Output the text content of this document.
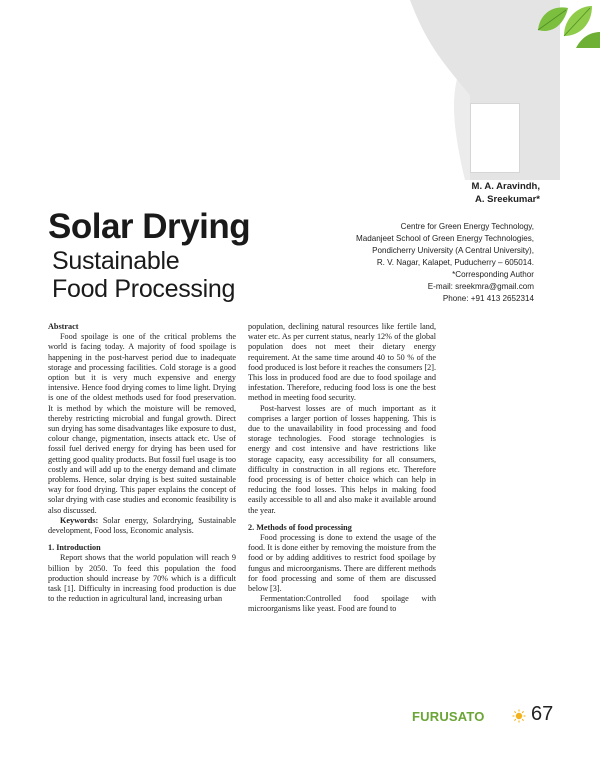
M. A. Aravindh,
A. Sreekumar*
Solar Drying
Sustainable
Food Processing
Centre for Green Energy Technology,
Madanjeet School of Green Energy Technologies,
Pondicherry University (A Central University),
R. V. Nagar, Kalapet, Puducherry – 605014.
*Corresponding Author
E-mail: sreekmra@gmail.com
Phone: +91 413 2652314

Abstract

Food spoilage is one of the critical problems the world is facing today. A majority of food spoilage is happening in the post-harvest period due to inadequate storage and processing facilities. Cold storage is a good option but it is very much expensive and energy intensive. Hence food drying comes to lime light. Drying is one of the oldest methods used for food preservation. It is method by which the moisture will be removed, thereby restricting microbial and fungal growth. Direct sun drying has some disadvantages like exposure to dust, colour change, pigmentation, insects attack etc. Use of fossil fuel derived energy for drying has been used for getting good quality products. But fossil fuel usage is too costly and will add up to the energy demand and climate problems. Hence, solar drying is best suited sustainable way for food drying. This paper explains the concept of solar drying with case studies and economic feasibility is also discussed.

Keywords: Solar energy, Solardrying, Sustainable development, Food loss, Economic analysis.

1. Introduction

Report shows that the world population will reach 9 billion by 2050. To feed this population the food production should increase by 70% which is a difficult task [1]. Difficulty in increasing food production is due to the reduction in agricultural land, increasing urban

population, declining natural resources like fertile land, water etc. As per current status, nearly 12% of the global population does not meet their dietary energy requirement. At the same time around 40 to 50 % of the food produced is lost before it reaches the consumers [2]. This loss in produced food are due to food spoilage and infestation. Therefore, reducing food loss is one the best method in meeting food security.

Post-harvest losses are of much important as it comprises a larger portion of losses happening. This is due to the unavailability in food processing and food storage technologies. Food storage technologies is energy and cost intensive and have restrictions like storage capacity, easy accessibility for all consumers, difficulty in construction in all regions etc. Therefore food processing is of better choice which can help in reducing the food losses. This helps in making food easily accessible to all and also make it available around the year.

2. Methods of food processing

Food processing is done to extend the usage of the food. It is done either by removing the moisture from the food or by adding additives to restrict food spoilage by fungus and microorganisms. There are different methods for food processing and some of them are discussed below [3].

Fermentation:Controlled food spoilage with microorganisms like yeast. Food are found to

FURUSATO 67
